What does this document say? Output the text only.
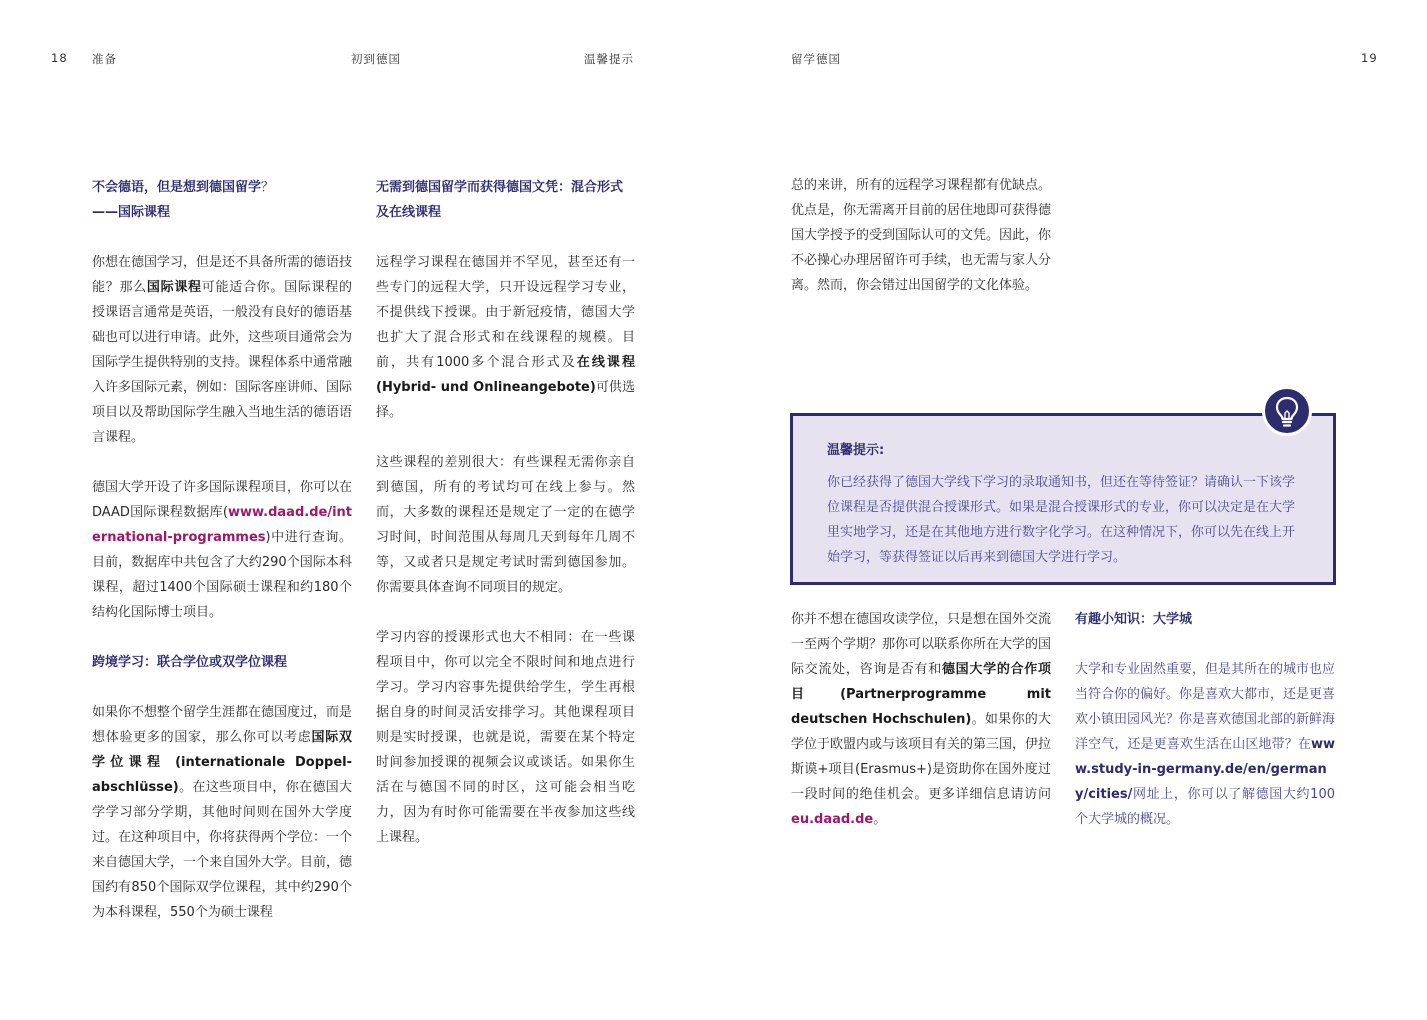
18 准备	初到德国	温馨提示	留学德国	19
不会德语，但是想到德国留学？
——国际课程

你想在德国学习，但是还不具备所需的德语技能？那么国际课程可能适合你。国际课程的授课语言通常是英语，一般没有良好的德语基础也可以进行申请。此外，这些项目通常会为国际学生提供特别的支持。课程体系中通常融入许多国际元素，例如：国际客座讲师、国际项目以及帮助国际学生融入当地生活的德语语言课程。

德国大学开设了许多国际课程项目，你可以在DAAD国际课程数据库(www.daad.de/international-programmes)中进行查询。目前，数据库中共包含了大约290个国际本科课程，超过1400个国际硕士课程和约180个结构化国际博士项目。

跨境学习：联合学位或双学位课程

如果你不想整个留学生涯都在德国度过，而是想体验更多的国家，那么你可以考虑国际双学位课程 (internationale Doppelabschlüsse)。在这些项目中，你在德国大学学习部分学期，其他时间则在国外大学度过。在这种项目中，你将获得两个学位：一个来自德国大学，一个来自国外大学。目前，德国约有850个国际双学位课程，其中约290个为本科课程，550个为硕士课程

无需到德国留学而获得德国文凭：混合形式及在线课程

远程学习课程在德国并不罕见，甚至还有一些专门的远程大学，只开设远程学习专业，不提供线下授课。由于新冠疫情，德国大学也扩大了混合形式和在线课程的规模。目前，共有1000多个混合形式及在线课程(Hybrid- und Onlineangebote)可供选择。

这些课程的差别很大：有些课程无需你亲自到德国，所有的考试均可在线上参与。然而，大多数的课程还是规定了一定的在德学习时间，时间范围从每周几天到每年几周不等，又或者只是规定考试时需到德国参加。你需要具体查询不同项目的规定。

学习内容的授课形式也大不相同：在一些课程项目中，你可以完全不限时间和地点进行学习。学习内容事先提供给学生，学生再根据自身的时间灵活安排学习。其他课程项目则是实时授课，也就是说，需要在某个特定时间参加授课的视频会议或谈话。如果你生活在与德国不同的时区，这可能会相当吃力，因为有时你可能需要在半夜参加这些线上课程。

总的来讲，所有的远程学习课程都有优缺点。优点是，你无需离开目前的居住地即可获得德国大学授予的受到国际认可的文凭。因此，你不必操心办理居留许可手续，也无需与家人分离。然而，你会错过出国留学的文化体验。

温馨提示:
你已经获得了德国大学线下学习的录取通知书，但还在等待签证？请确认一下该学位课程是否提供混合授课形式。如果是混合授课形式的专业，你可以决定是在大学里实地学习，还是在其他地方进行数字化学习。在这种情况下，你可以先在线上开始学习，等获得签证以后再来到德国大学进行学习。

你并不想在德国攻读学位，只是想在国外交流一至两个学期？那你可以联系你所在大学的国际交流处，咨询是否有和德国大学的合作项目(Partnerprogramme mit deutschen Hochschulen)。如果你的大学位于欧盟内或与该项目有关的第三国，伊拉斯谟+项目(Erasmus+)是资助你在国外度过一段时间的绝佳机会。更多详细信息请访问eu.daad.de。

有趣小知识：大学城

大学和专业固然重要，但是其所在的城市也应当符合你的偏好。你是喜欢大都市，还是更喜欢小镇田园风光？你是喜欢德国北部的新鲜海洋空气，还是更喜欢生活在山区地带？在www.study-in-germany.de/en/germany/cities/网址上，你可以了解德国大约100个大学城的概况。
